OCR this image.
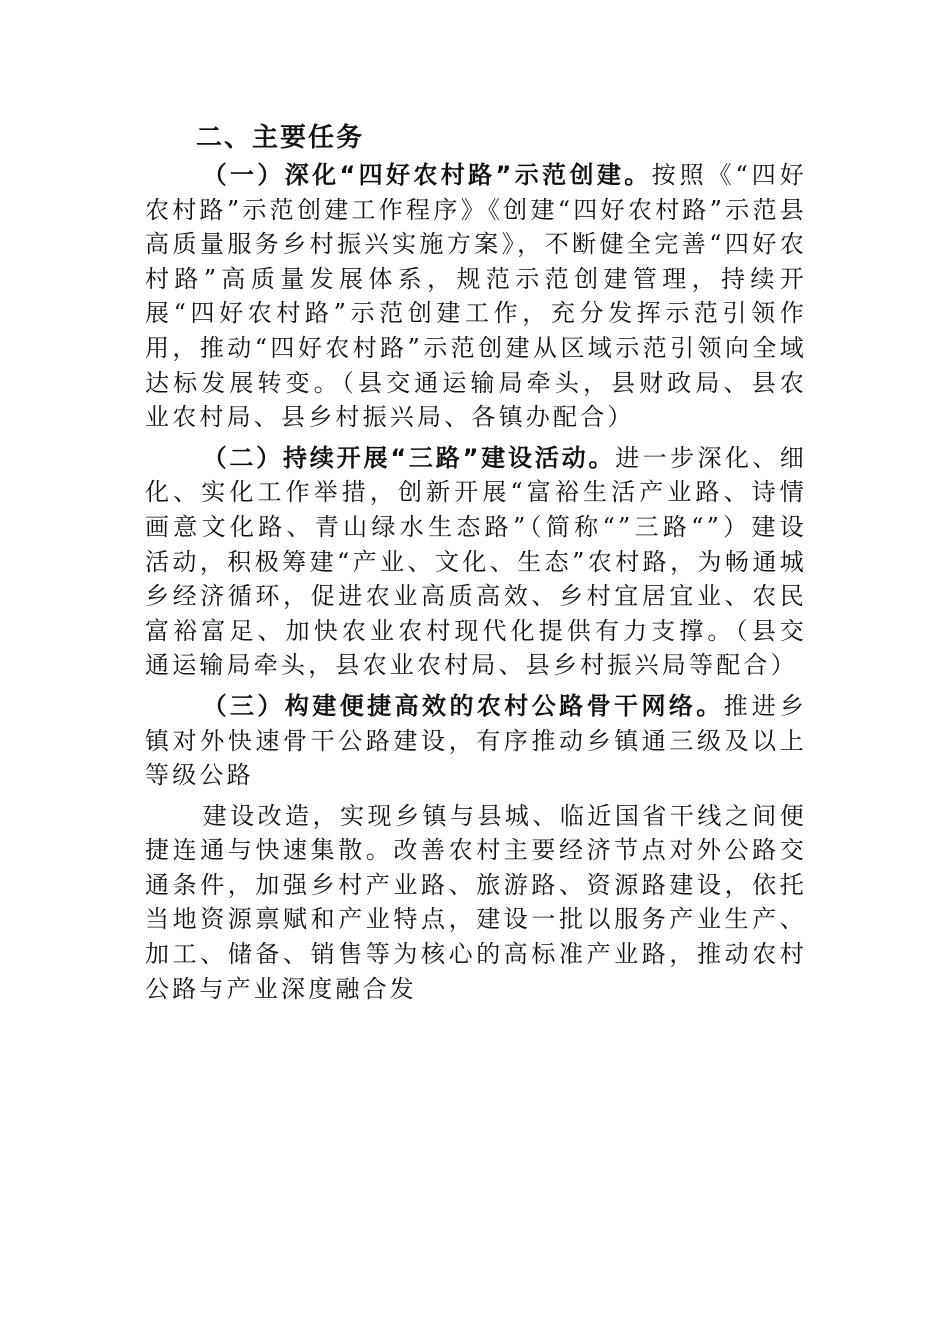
二、主要任务

（一）深化“四好农村路”示范创建。按照《“四好农村路”示范创建工作程序》《创建“四好农村路”示范县高质量服务乡村振兴实施方案》，不断健全完善“四好农村路”高质量发展体系，规范示范创建管理，持续开展“四好农村路”示范创建工作，充分发挥示范引领作用，推动“四好农村路”示范创建从区域示范引领向全域达标发展转变。（县交通运输局牵头，县财政局、县农业农村局、县乡村振兴局、各镇办配合）

（二）持续开展“三路”建设活动。进一步深化、细化、实化工作举措，创新开展“富裕生活产业路、诗情画意文化路、青山绿水生态路”（简称“”三路“”）建设活动，积极筹建“产业、文化、生态”农村路，为畅通城乡经济循环，促进农业高质高效、乡村宜居宜业、农民富裕富足、加快农业农村现代化提供有力支撑。（县交通运输局牵头，县农业农村局、县乡村振兴局等配合）

（三）构建便捷高效的农村公路骨干网络。推进乡镇对外快速骨干公路建设，有序推动乡镇通三级及以上等级公路

建设改造，实现乡镇与县城、临近国省干线之间便捷连通与快速集散。改善农村主要经济节点对外公路交通条件，加强乡村产业路、旅游路、资源路建设，依托当地资源禀赋和产业特点，建设一批以服务产业生产、加工、储备、销售等为核心的高标准产业路，推动农村公路与产业深度融合发
